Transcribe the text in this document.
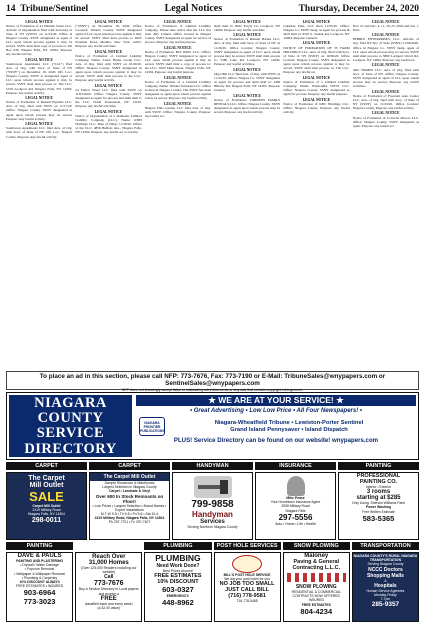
14 Tribune/Sentinel	Legal Notices	Thursday, December 24, 2020
LEGAL NOTICE

Notice of Formation of 41 Hannah Street LLC. Articles of Organization filed with Secretary of State of NY (SSNY) on 11/23/20. Office in Niagara County. SSNY designated as agent of LLC upon whom process against it may be served. SSNY shall mail copy of process to: PO Box 939, Niagara Falls, NY 14304. Purpose: any lawful activity.

LEGAL NOTICE

Southtowns Apartments LLC ("LLC") filed Arts. of Org. with Secy. of State of NY ("SSNY") on December 16, 2020. Off. Loc.: Niagara County. SSNY is designated agent of LLC upon whom process against it may be served. SSNY shall mail process to: The LLC, 5159 Lockport Rd, Niagara Falls, NY 14305. Purpose: any lawful activity.

LEGAL NOTICE

Notice of Formation of Russell Equities LLC. Arts. of Org. filed with SSNY on 11/17/20. Office: Niagara County. SSNY designated as agent upon whom process may be served. Purpose: Any lawful activity.

LEGAL NOTICE

Southtown Apartments LLC filed Arts. of Org. with Secy. of State of NY. Off. Loc.: Niagara County. Purpose: Any lawful activity.

LEGAL NOTICE

("SSNY") on November 18, 2020. Office Location: Ontario County. SSNY designated agent of LLC upon whom process against it may be served. SSNY shall mail process to 6925 Freeman Road, Medina, New York 14103. Purpose: any lawful activities.

LEGAL NOTICE

Notice of Formation of Limited Liability Company. Name: Cedar Home Group LLC. Arts. of Org. filed with SSNY on 10/29/20. Office: Niagara County. SSNY designated as agent upon whom process against it may be served. SSNY shall mail process to the LLC. Purpose: Any lawful activity.

LEGAL NOTICE

54 Fulton Street LLC filed with SSNY on 11/05/2020. Office: Niagara County. SSNY designated as agent for process and shall mail to the LLC, North Tonawanda, NY 14120. Purpose: any lawful activities.

LEGAL NOTICE

Notice of Organization of a Domestic Limited Liability Company (LLC). Name: KNH Holdings LLC. Date of filing: 11/30/20. Office of the LLC: 4856 Buffalo Ave., Niagara Falls, NY 14304. Purpose: any lawful act or activity.

LEGAL NOTICE

Notice of Formation of Limited Liability Company. Please take notice that the LLC has been duly formed. Office located in Niagara County. SSNY designated as agent for service of process. Purpose: any lawful purpose.

LEGAL NOTICE

Notice of Formation: BLT RMV, LLC. Office: Niagara County. SSNY designated as agent of LLC upon whom process against it may be served. SSNY shall mail a copy of process to: the LLC, 5920 Main Street, Niagara Falls, NY 14304. Purpose: any lawful purpose.

LEGAL NOTICE

Notice of Formation of a Limited Liability Company. Name: Tribune Solutions LLC. Office located in Niagara County. The SSNY has been designated as agent upon whom process against it may be served. Purpose: any lawful activity.

LEGAL NOTICE

Niagara Falls Garden LLC filed Arts. of Org. with SSNY. Office: Niagara County. Purpose: any lawful act.

LEGAL NOTICE

shall mail to: 8622 Ectyly Ln, Lockport, NY 14094. Purpose: any lawful activities.

LEGAL NOTICE

Notice of Formation of Russell Barnes LLC. Arts. of Org. filed with Secy. of State of NY on 11/20/20. Office location: Niagara County. SSNY designated as agent of LLC upon whom process may be served. SSNY shall mail process to: 5380 Lake Rd, Lockport, NY 14094. Purpose: any lawful activities.

LEGAL NOTICE

Olga Hall LLC filed Arts. of Org. with SSNY on 11/25/20. Office: Niagara Co. SSNY designated as agent for process and shall mail to: 4469 Hilbury Rd, Niagara Falls, NY 14305. Purpose: General.

LEGAL NOTICE

Notice of Formation: TORRENS FAMILY RENTALS LLC. Office: Niagara County. SSNY designated as agent upon whom process may be served. Purpose: any lawful activity.

LEGAL NOTICE

Lakeside Park, LLC filed 11/03/20. Office: Niagara Co. SSNY desig. as agent for process & shall mail to: 6325 S. Transit Rd, Lockport, NY 14094. Purpose: General.

LEGAL NOTICE

NOTICE OF FORMATION OF 3S FARM HOLDINGS LLC. Arts. of Org. filed with Secy. of State of NY (SSNY) on 10/06/20. Office location: Niagara County. SSNY designated as agent upon whom process against it may be served. SSNY shall mail process to: The LLC. Purpose: any lawful act.

LEGAL NOTICE

Notice of Formation of a Limited Liability Company. Name: NIAGARA WEST LLC. Office: Niagara County. SSNY designated as agent for process. Purpose: any lawful purpose.

LEGAL NOTICE

Notice of Formation of KBC Holdings LLC. Office: Niagara County. Purpose: any lawful activity.

LEGAL NOTICE

Nov. 27 and Dec. 4, 11, 18, 25, 2020 and Jan. 1, 2021.

LEGAL NOTICE

PEBBLE ENTERPRISES, LLC. Articles of Org. filed NY Sec. of State (SSNY) 11/06/2020. Office in Niagara Co. SSNY desig. agent of LLC upon whom process may be served. SSNY shall mail process to 3890 Lockport Olcott Rd, Lockport, NY 14094. Purpose: any lawful act.

LEGAL NOTICE

ARC HOMES LLC. Arts. of Org. filed with Secy. of State of NY. Office: Niagara County. SSNY designated as agent of LLC upon whom process may be served. Purpose: any lawful activities.

LEGAL NOTICE

Notice of Formation of Freedom Auto Center LLC. Arts. of Org. filed with Secy. of State of NY (SSNY) on 11/23/20. Office location: Niagara County. Purpose: any lawful activity.

LEGAL NOTICE

Notice of Formation of Converts Motors LLC. Office: Niagara County. SSNY designated as agent. Purpose: any lawful act.

To place an ad in this section, please call NFP: 773-7676, Fax: 773-7190 or E-Mail: TribuneSales@wnypapers.com or SentinelSales@wnypapers.com
NFP does not knowingly accept false or misleading advertisements or any ads that contain copyright infringement.
NIAGARA
COUNTY
SERVICE
DIRECTORY
★ WE ARE AT YOUR SERVICE! ★
• Great Advertising • Low Low Price • All Four Newspapers! •
NIAGARA FRONTIER PUBLICATIONS
Niagara-Wheatfield Tribune • Lewiston-Porter Sentinel
Grand Island Pennysaver • Island Dispatch
PLUS! Service Directory can be found on our website! wnypapers.com
CARPET	CARPET	HANDYMAN	INSURANCE	PAINTING
The Carpet
Mill Outlet
SALE
Carpet Mill Outlet
2419 Military Road
Niagara Falls, NY 14304
298-0011
The Carpet Mill Outlet
Sample Showroom & Warehouse
Largest Selection in Niagara County
Carpet • Laminate & Vinyl
Over 600 In Stock Remnants on Floor!
• Low Prices • Largest Selection • Brand Names • Expert Installations
M-T-W 9-5 • Th 9-8 • Fri 9-6 • Sat 10-4
2419 Military Road, Niagara Falls, NY 14304
Ph 297-7701 • Fx 297-7407
799-9858
Handyman
Services
Serving Northern Niagara County
Mike Pease
Your Hometown Insurance Agent
2908 Military Road
Niagara Falls
297-5556
Auto • Home • Life • Health
PROFESSIONAL
PAINTING CO.
Interior • Exterior
3 rooms
starting at $285
Only Using: Sherwin Williams Paint
Power Washing
Free Written Estimate
583-5365
PAINTING	PLUMBING	POST HOLE SERVICES	SNOW PLOWING	TRANSPORTATION
DAVE & PAULS
PAINTING AND PLASTERING
• Drywall / Water Damage
• Popcorn Removal
• Wallpaper & Wallpaper Removal
• Plumbing & Carpentry
10% DISCOUNT ALWAYS
FREE ESTIMATES • INSURED
903-6964
773-3023
Reach Over
31,000 Homes
(Over 125,000 Readers including our website)
Call
773-7676
Buy a Service Directory to Local papers and receive a
FREE
classified each and every week!
(a 32.00 value)
PLUMBING
Need Work Done?
Best Prices Around!
FREE ESTIMATES
10% DISCOUNT
603-0327
EMERGENCY:
448-8962
BILL'S POST HOLE SERVICE
We dig your post holes for you
NO JOB TOO SMALL
JUST CALL BILL
(716) 778-9581
716-778-5465
Maloney
Paving & General
Contracting L.L.C.
SNOW PLOWING
RESIDENTIAL & COMMERCIAL
CONTRACTS NOW OFFERED
INSURED
FREE ESTIMATES
804-4234
NIAGARA COUNTY'S RURAL NIAGARA TRANSPORTATION
Serving Niagara County
NCCC Doctors
Shopping Malls
&
Hospitals
Human Service Agencies
Monday-Friday
7-7pm
285-9357
